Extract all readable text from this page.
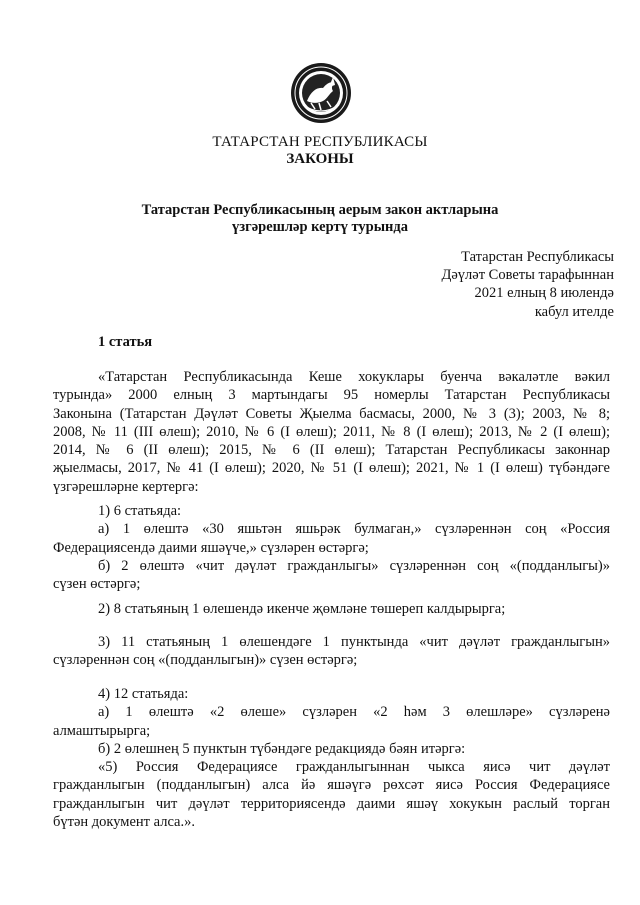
ТАТАРСТАН РЕСПУБЛИКАСЫ
ЗАКОНЫ
Татарстан Республикасының аерым закон актларына
үзгәрешләр кертү турында
Татарстан Республикасы
Дәүләт Советы тарафыннан
2021 елның 8 июлендә
кабул ителде
1 статья
«Татарстан Республикасында Кеше хокуклары буенча вәкаләтле вәкил
турында» 2000 елның 3 мартындагы 95 номерлы Татарстан Республикасы
Законына (Татарстан Дәүләт Советы Җыелма басмасы, 2000, № 3 (3); 2003, № 8;
2008, № 11 (III өлеш); 2010, № 6 (I өлеш); 2011, № 8 (I өлеш); 2013, № 2 (I өлеш);
2014, № 6 (II өлеш); 2015, № 6 (II өлеш); Татарстан Республикасы законнар
җыелмасы, 2017, № 41 (I өлеш); 2020, № 51 (I өлеш); 2021, № 1 (I өлеш) түбәндәге
үзгәрешләрне кертергә:
1) 6 статьяда:
а) 1 өлештә «30 яшьтән яшьрәк булмаган,» сүзләреннән соң «Россия
Федерациясендә даими яшәүче,» сүзләрен өстәргә;
б) 2 өлештә «чит дәүләт гражданлыгы» сүзләреннән соң «(подданлыгы)»
сүзен өстәргә;
2) 8 статьяның 1 өлешендә икенче җөмләне төшереп калдырырга;
3) 11 статьяның 1 өлешендәге 1 пунктында «чит дәүләт гражданлыгын»
сүзләреннән соң «(подданлыгын)» сүзен өстәргә;
4) 12 статьяда:
а) 1 өлештә «2 өлеше» сүзләрен «2 һәм 3 өлешләре» сүзләренә
алмаштырырга;
б) 2 өлешнең 5 пунктын түбәндәге редакциядә бәян итәргә:
«5) Россия Федерациясе гражданлыгыннан чыкса яисә чит дәүләт
гражданлыгын (подданлыгын) алса йә яшәүгә рөхсәт яисә Россия Федерациясе
гражданлыгын чит дәүләт территориясендә даими яшәү хокукын раслый торган
бүтән документ алса.».
